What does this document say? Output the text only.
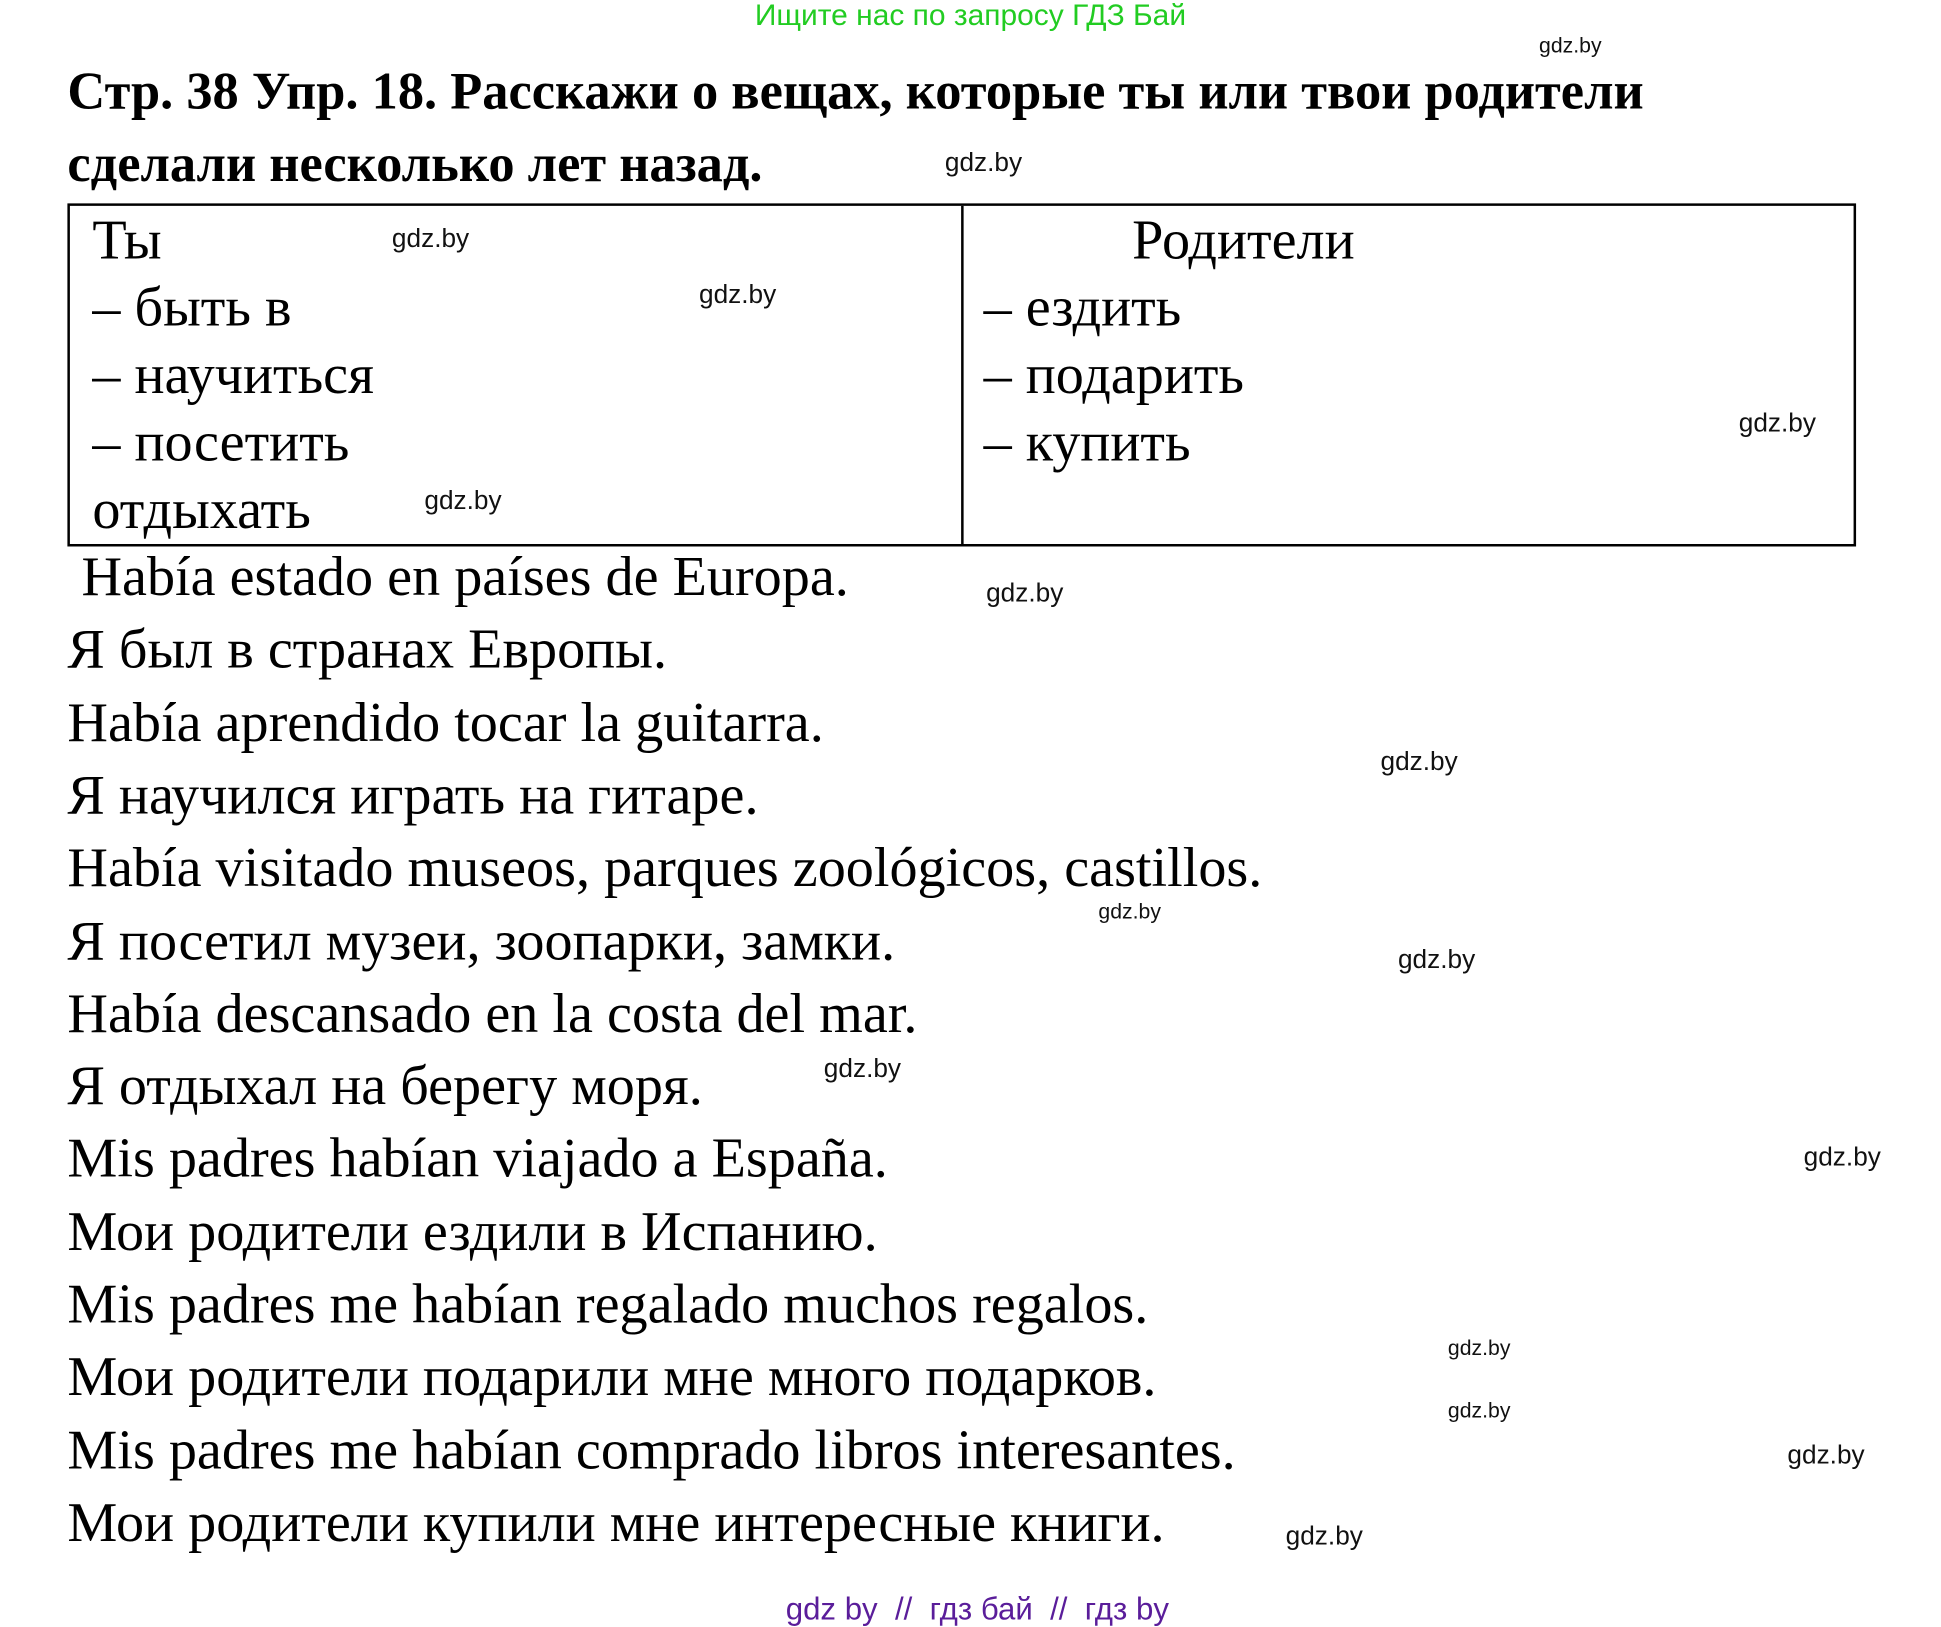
Ищите нас по запросу ГДЗ Бай
Стр. 38 Упр. 18. Расскажи о вещах, которые ты или твои родители
сделали несколько лет назад.
Ты
– быть в
– научиться
– посетить
отдыхать
Родители
– ездить
– подарить
– купить
Había estado en países de Europa.
Я был в странах Европы.
Había aprendido tocar la guitarra.
Я научился играть на гитаре.
Había visitado museos, parques zoológicos, castillos.
Я посетил музеи, зоопарки, замки.
Había descansado en la costa del mar.
Я отдыхал на берегу моря.
Mis padres habían viajado a España.
Мои родители ездили в Испанию.
Mis padres me habían regalado muchos regalos.
Мои родители подарили мне много подарков.
Mis padres me habían comprado libros interesantes.
Мои родители купили мне интересные книги.
gdz.by
gdz.by
gdz.by
gdz.by
gdz.by
gdz.by
gdz.by
gdz.by
gdz.by
gdz.by
gdz.by
gdz.by
gdz.by
gdz.by
gdz.by
gdz.by
gdz by  //  гдз бай  //  гдз by
